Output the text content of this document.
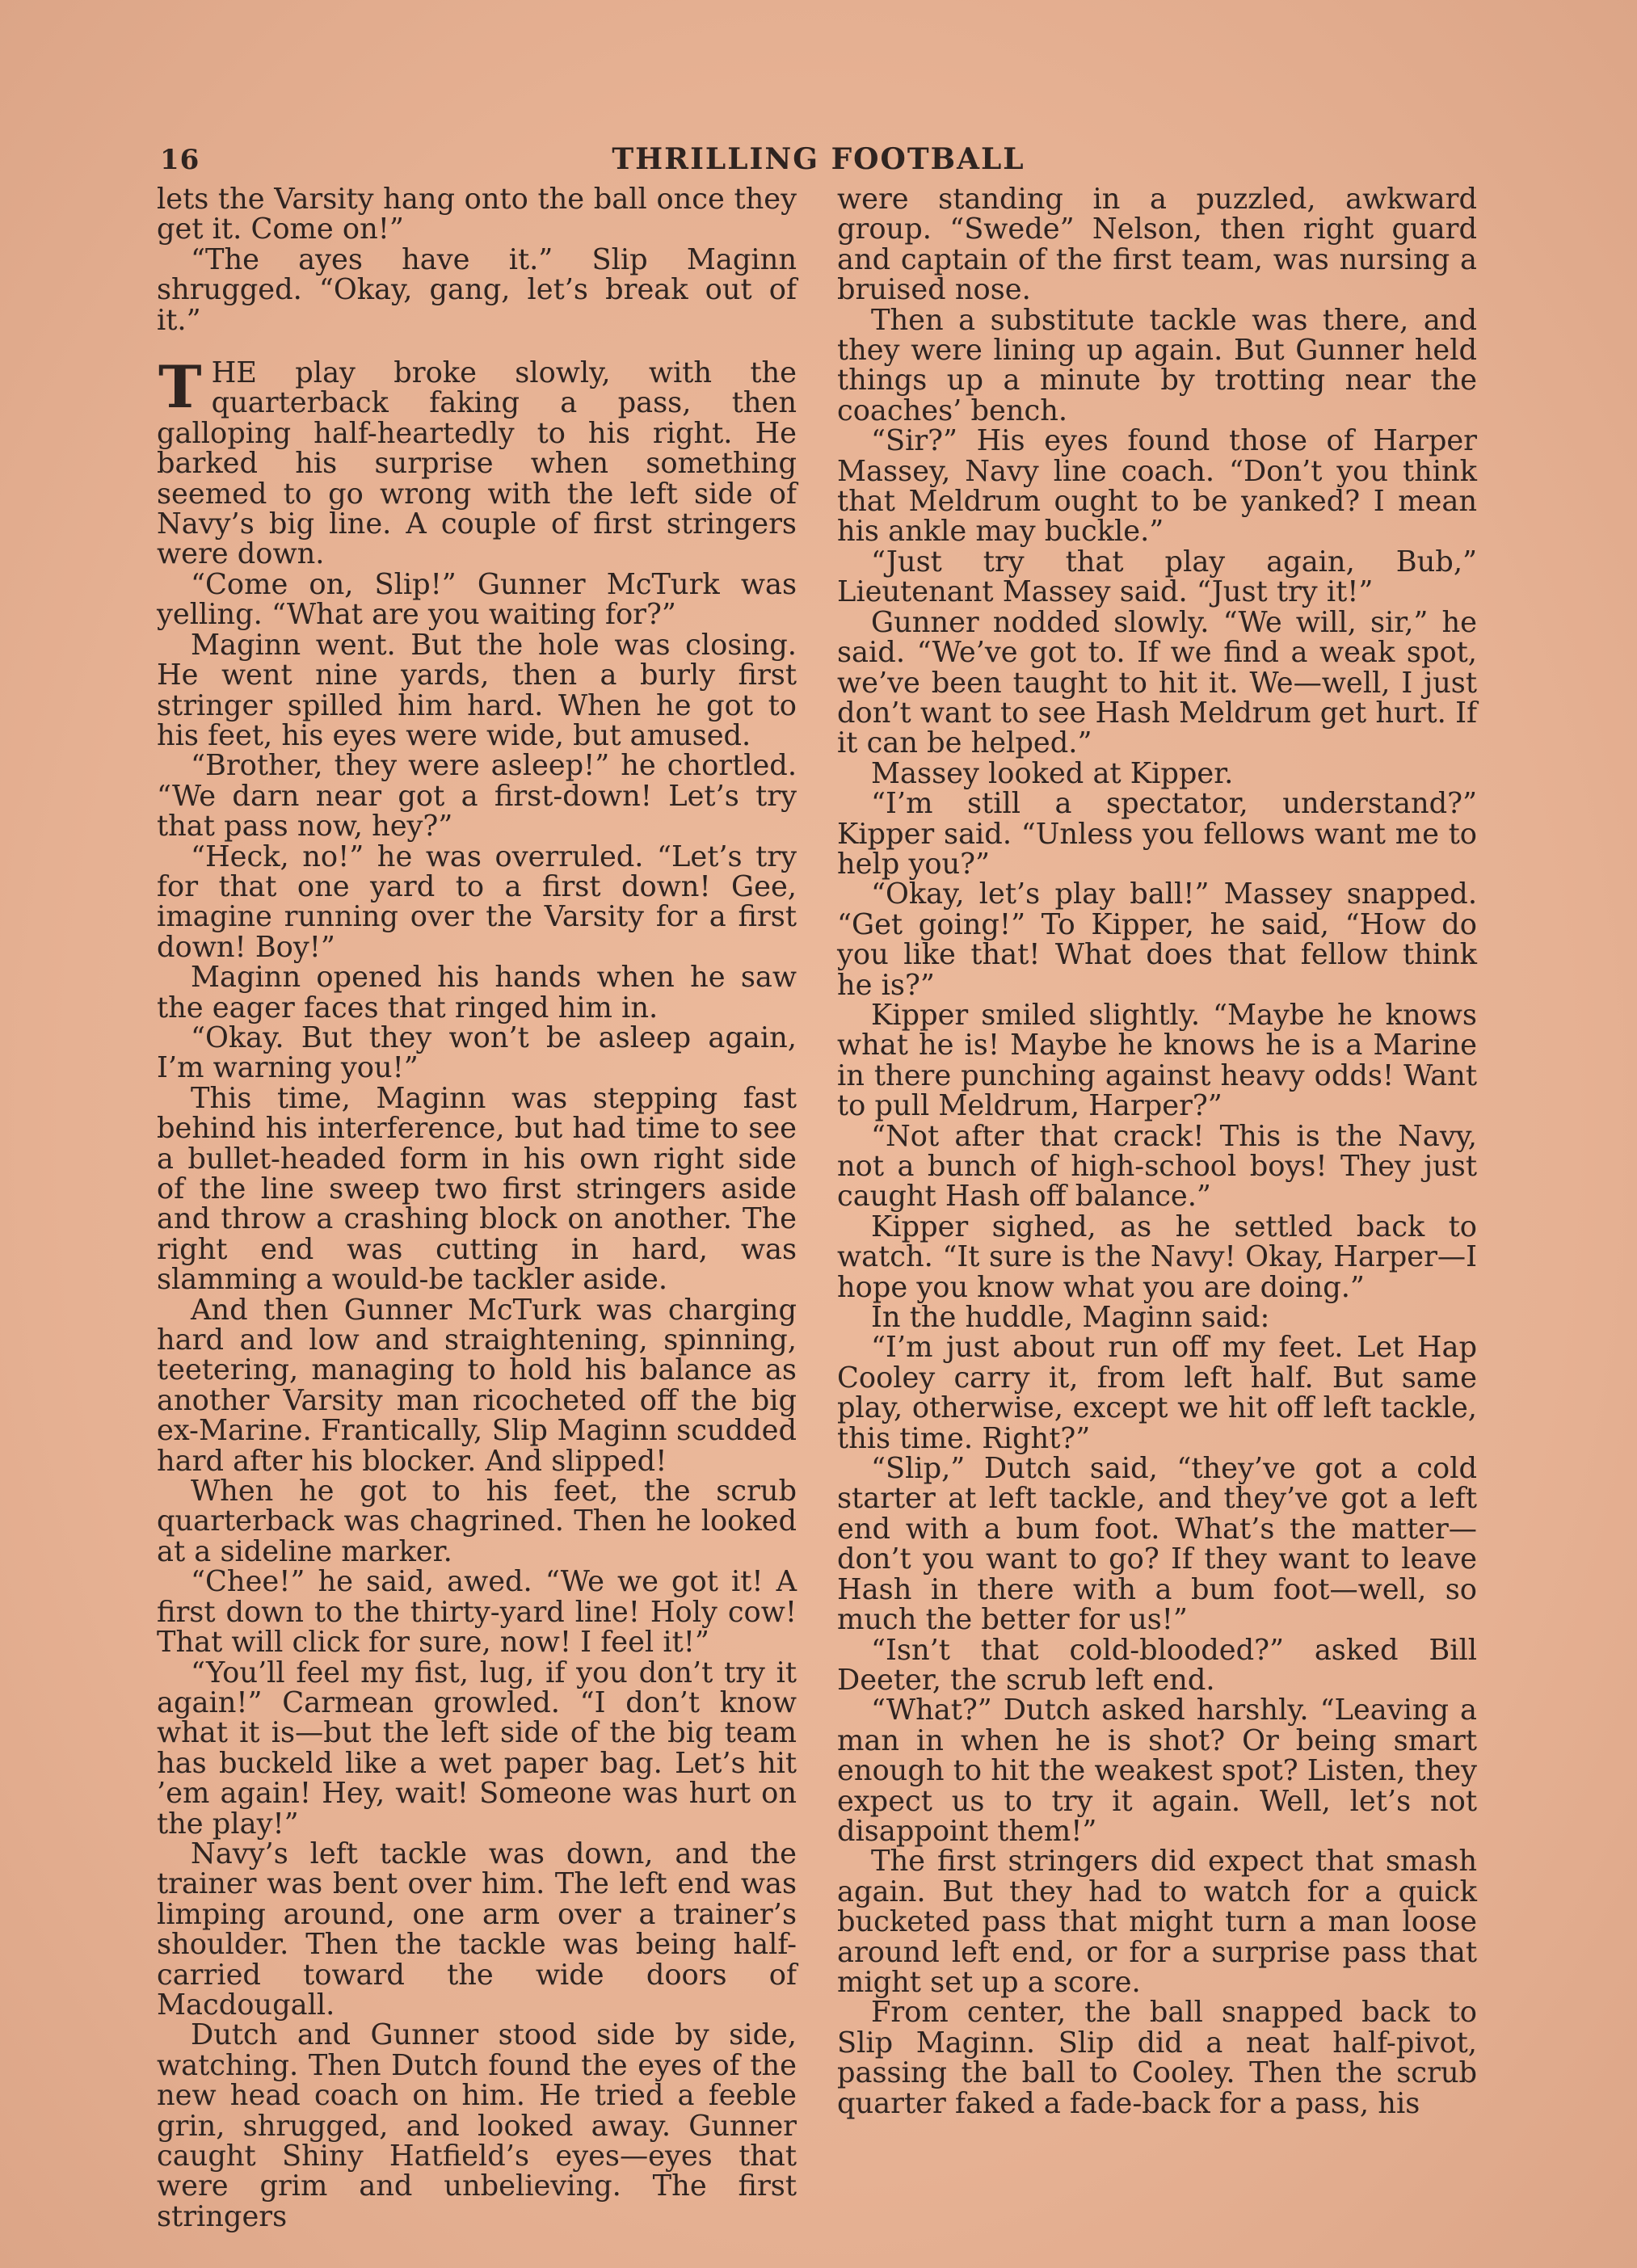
16	THRILLING FOOTBALL

lets the Varsity hang onto the ball once they get it. Come on!”

“The ayes have it.” Slip Maginn shrugged. “Okay, gang, let’s break out of it.”

THE play broke slowly, with the quarterback faking a pass, then galloping half-heartedly to his right. He barked his surprise when something seemed to go wrong with the left side of Navy’s big line. A couple of first stringers were down.

“Come on, Slip!” Gunner McTurk was yelling. “What are you waiting for?”

Maginn went. But the hole was closing. He went nine yards, then a burly first stringer spilled him hard. When he got to his feet, his eyes were wide, but amused.

“Brother, they were asleep!” he chortled. “We darn near got a first-down! Let’s try that pass now, hey?”

“Heck, no!” he was overruled. “Let’s try for that one yard to a first down! Gee, imagine running over the Varsity for a first down! Boy!”

Maginn opened his hands when he saw the eager faces that ringed him in.

“Okay. But they won’t be asleep again, I’m warning you!”

This time, Maginn was stepping fast behind his interference, but had time to see a bullet-headed form in his own right side of the line sweep two first stringers aside and throw a crashing block on another. The right end was cutting in hard, was slamming a would-be tackler aside.

And then Gunner McTurk was charging hard and low and straightening, spinning, teetering, managing to hold his balance as another Varsity man ricocheted off the big ex-Marine. Frantically, Slip Maginn scudded hard after his blocker. And slipped!

When he got to his feet, the scrub quarterback was chagrined. Then he looked at a sideline marker.

“Chee!” he said, awed. “We we got it! A first down to the thirty-yard line! Holy cow! That will click for sure, now! I feel it!”

“You’ll feel my fist, lug, if you don’t try it again!” Carmean growled. “I don’t know what it is—but the left side of the big team has buckeld like a wet paper bag. Let’s hit ’em again! Hey, wait! Someone was hurt on the play!”

Navy’s left tackle was down, and the trainer was bent over him. The left end was limping around, one arm over a trainer’s shoulder. Then the tackle was being half-carried toward the wide doors of Macdougall.

Dutch and Gunner stood side by side, watching. Then Dutch found the eyes of the new head coach on him. He tried a feeble grin, shrugged, and looked away. Gunner caught Shiny Hatfield’s eyes—eyes that were grim and unbelieving. The first stringers

were standing in a puzzled, awkward group. “Swede” Nelson, then right guard and captain of the first team, was nursing a bruised nose.

Then a substitute tackle was there, and they were lining up again. But Gunner held things up a minute by trotting near the coaches’ bench.

“Sir?” His eyes found those of Harper Massey, Navy line coach. “Don’t you think that Meldrum ought to be yanked? I mean his ankle may buckle.”

“Just try that play again, Bub,” Lieutenant Massey said. “Just try it!”

Gunner nodded slowly. “We will, sir,” he said. “We’ve got to. If we find a weak spot, we’ve been taught to hit it. We—well, I just don’t want to see Hash Meldrum get hurt. If it can be helped.”

Massey looked at Kipper.

“I’m still a spectator, understand?” Kipper said. “Unless you fellows want me to help you?”

“Okay, let’s play ball!” Massey snapped. “Get going!” To Kipper, he said, “How do you like that! What does that fellow think he is?”

Kipper smiled slightly. “Maybe he knows what he is! Maybe he knows he is a Marine in there punching against heavy odds! Want to pull Meldrum, Harper?”

“Not after that crack! This is the Navy, not a bunch of high-school boys! They just caught Hash off balance.”

Kipper sighed, as he settled back to watch. “It sure is the Navy! Okay, Harper—I hope you know what you are doing.”

In the huddle, Maginn said:

“I’m just about run off my feet. Let Hap Cooley carry it, from left half. But same play, otherwise, except we hit off left tackle, this time. Right?”

“Slip,” Dutch said, “they’ve got a cold starter at left tackle, and they’ve got a left end with a bum foot. What’s the matter—don’t you want to go? If they want to leave Hash in there with a bum foot—well, so much the better for us!”

“Isn’t that cold-blooded?” asked Bill Deeter, the scrub left end.

“What?” Dutch asked harshly. “Leaving a man in when he is shot? Or being smart enough to hit the weakest spot? Listen, they expect us to try it again. Well, let’s not disappoint them!”

The first stringers did expect that smash again. But they had to watch for a quick bucketed pass that might turn a man loose around left end, or for a surprise pass that might set up a score.

From center, the ball snapped back to Slip Maginn. Slip did a neat half-pivot, passing the ball to Cooley. Then the scrub quarter faked a fade-back for a pass, his
